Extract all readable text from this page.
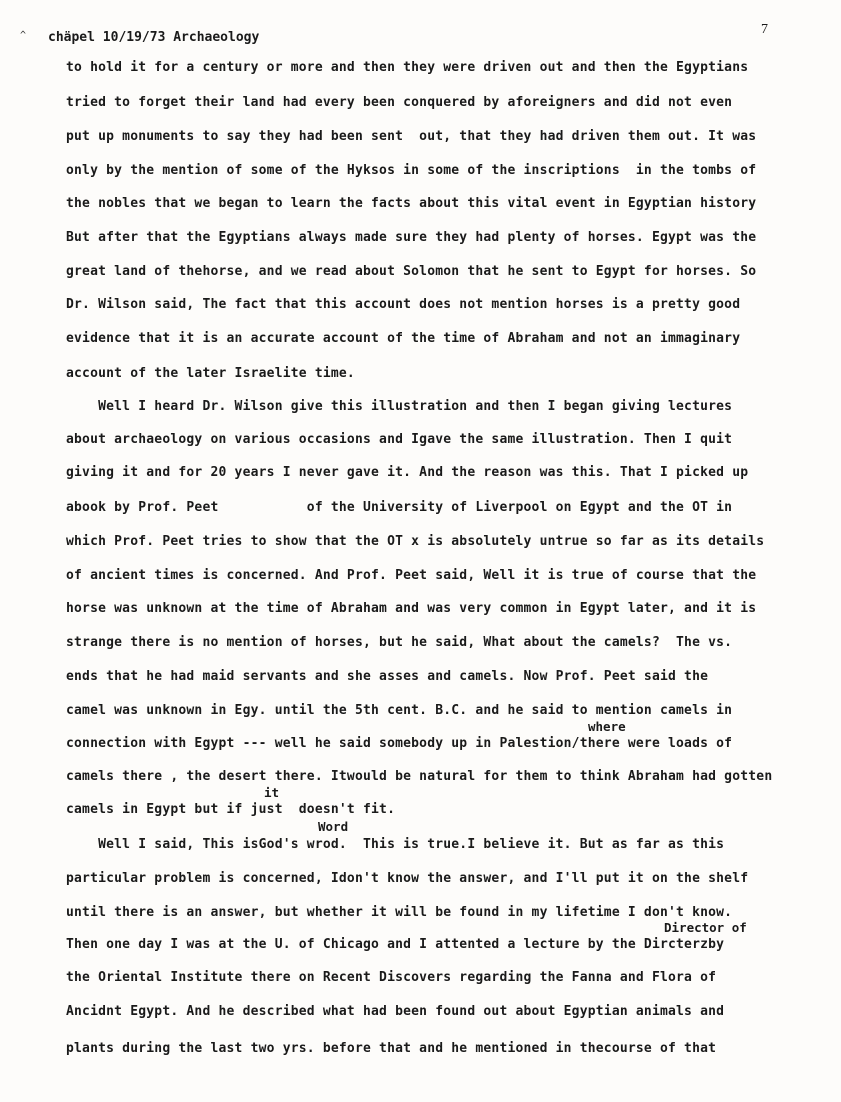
^ chäpel 10/19/73 Archaeology
7
to hold it for a century or more and then they were driven out and then the Egyptians
tried to forget their land had every been conquered by aforeigners and did not even
put up monuments to say they had been sent  out, that they had driven them out. It was
only by the mention of some of the Hyksos in some of the inscriptions  in the tombs of
the nobles that we began to learn the facts about this vital event in Egyptian history
But after that the Egyptians always made sure they had plenty of horses. Egypt was the
great land of thehorse, and we read about Solomon that he sent to Egypt for horses. So
Dr. Wilson said, The fact that this account does not mention horses is a pretty good
evidence that it is an accurate account of the time of Abraham and not an immaginary
account of the later Israelite time.
Well I heard Dr. Wilson give this illustration and then I began giving lectures
about archaeology on various occasions and Igave the same illustration. Then I quit
giving it and for 20 years I never gave it. And the reason was this. That I picked up
abook by Prof. Peet           of the University of Liverpool on Egypt and the OT in
which Prof. Peet tries to show that the OT x is absolutely untrue so far as its details
of ancient times is concerned. And Prof. Peet said, Well it is true of course that the
horse was unknown at the time of Abraham and was very common in Egypt later, and it is
strange there is no mention of horses, but he said, What about the camels?  The vs.
ends that he had maid servants and she asses and camels. Now Prof. Peet said the
camel was unknown in Egy. until the 5th cent. B.C. and he said to mention camels in
where
connection with Egypt --- well he said somebody up in Palestion/there were loads of
camels there , the desert there. Itwould be natural for them to think Abraham had gotten
it
camels in Egypt but if just  doesn't fit.
Word
Well I said, This isGod's wrod.  This is true.I believe it. But as far as this
particular problem is concerned, Idon't know the answer, and I'll put it on the shelf
until there is an answer, but whether it will be found in my lifetime I don't know.
Director of
Then one day I was at the U. of Chicago and I attented a lecture by the Dircterzby
the Oriental Institute there on Recent Discovers regarding the Fanna and Flora of
Ancidnt Egypt. And he described what had been found out about Egyptian animals and
plants during the last two yrs. before that and he mentioned in thecourse of that
